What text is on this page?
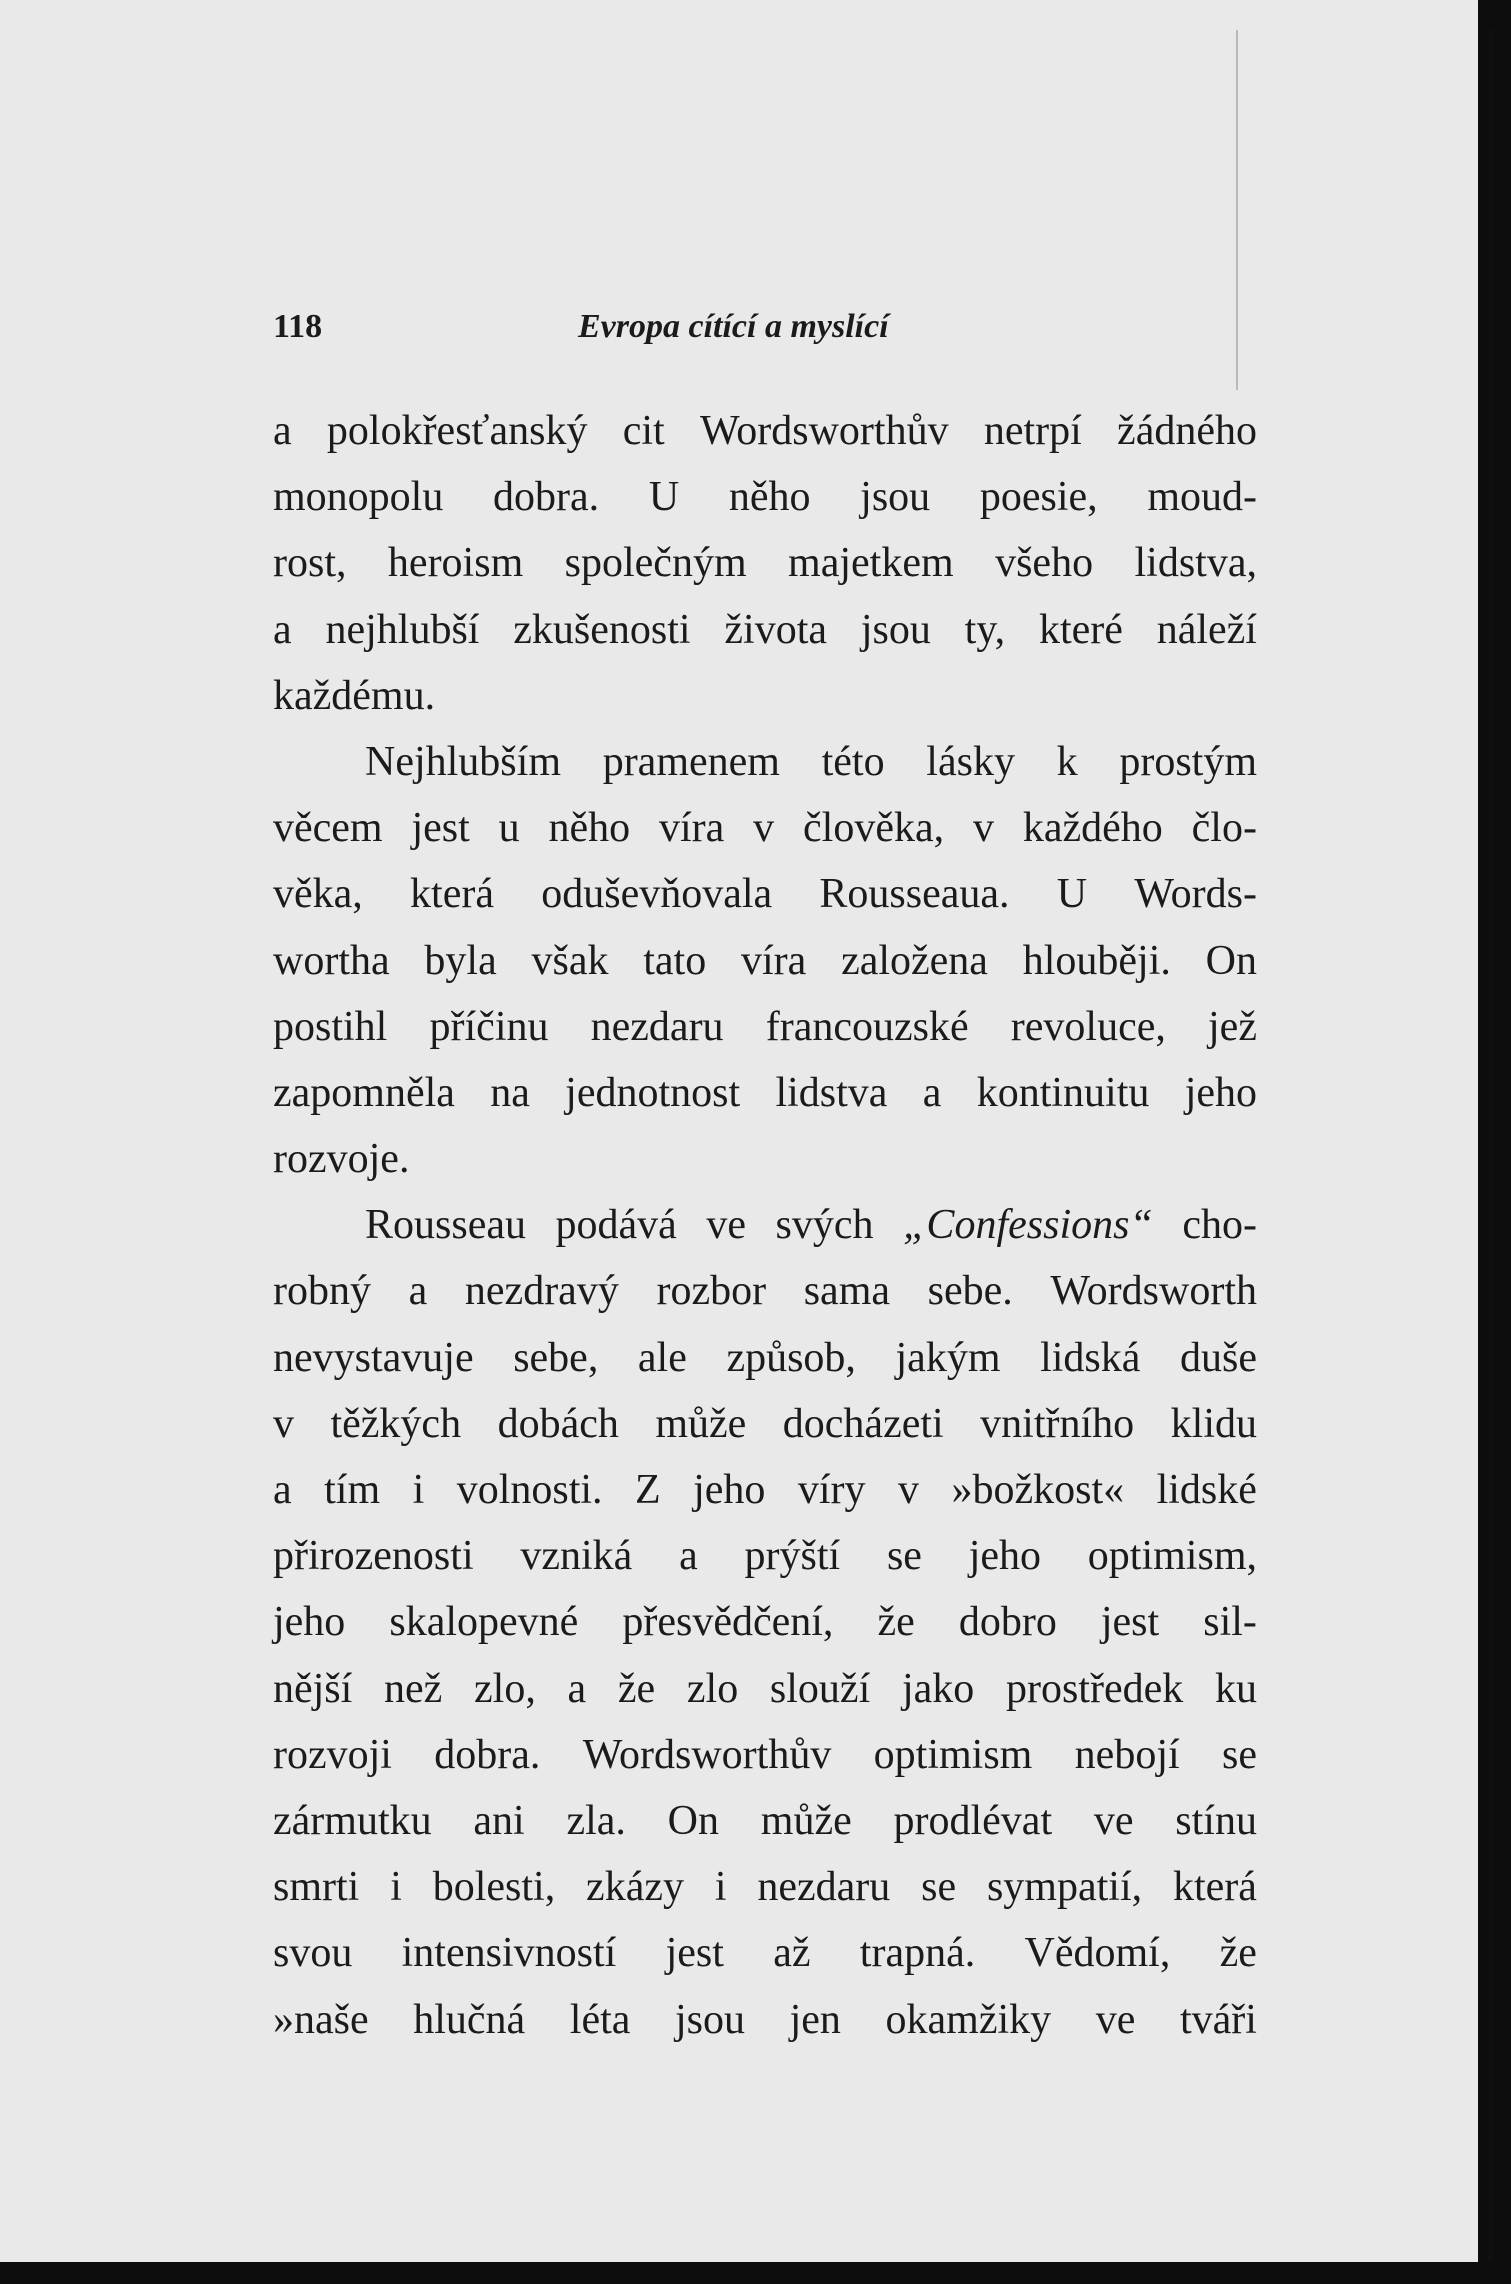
118	Evropa cítící a myslící
a polokřesťanský cit Wordsworthův netrpí žádného
monopolu dobra. U něho jsou poesie, moud-
rost, heroism společným majetkem všeho lidstva,
a nejhlubší zkušenosti života jsou ty, které náleží
každému.
Nejhlubším pramenem této lásky k prostým
věcem jest u něho víra v člověka, v každého člo-
věka, která oduševňovala Rousseaua. U Words-
wortha byla však tato víra založena hlouběji. On
postihl příčinu nezdaru francouzské revoluce, jež
zapomněla na jednotnost lidstva a kontinuitu jeho
rozvoje.
Rousseau podává ve svých „Confessions“ cho-
robný a nezdravý rozbor sama sebe. Wordsworth
nevystavuje sebe, ale způsob, jakým lidská duše
v těžkých dobách může docházeti vnitřního klidu
a tím i volnosti. Z jeho víry v »božkost« lidské
přirozenosti vzniká a prýští se jeho optimism,
jeho skalopevné přesvědčení, že dobro jest sil-
nější než zlo, a že zlo slouží jako prostředek ku
rozvoji dobra. Wordsworthův optimism nebojí se
zármutku ani zla. On může prodlévat ve stínu
smrti i bolesti, zkázy i nezdaru se sympatií, která
svou intensivností jest až trapná. Vědomí, že
»naše hlučná léta jsou jen okamžiky ve tváři
